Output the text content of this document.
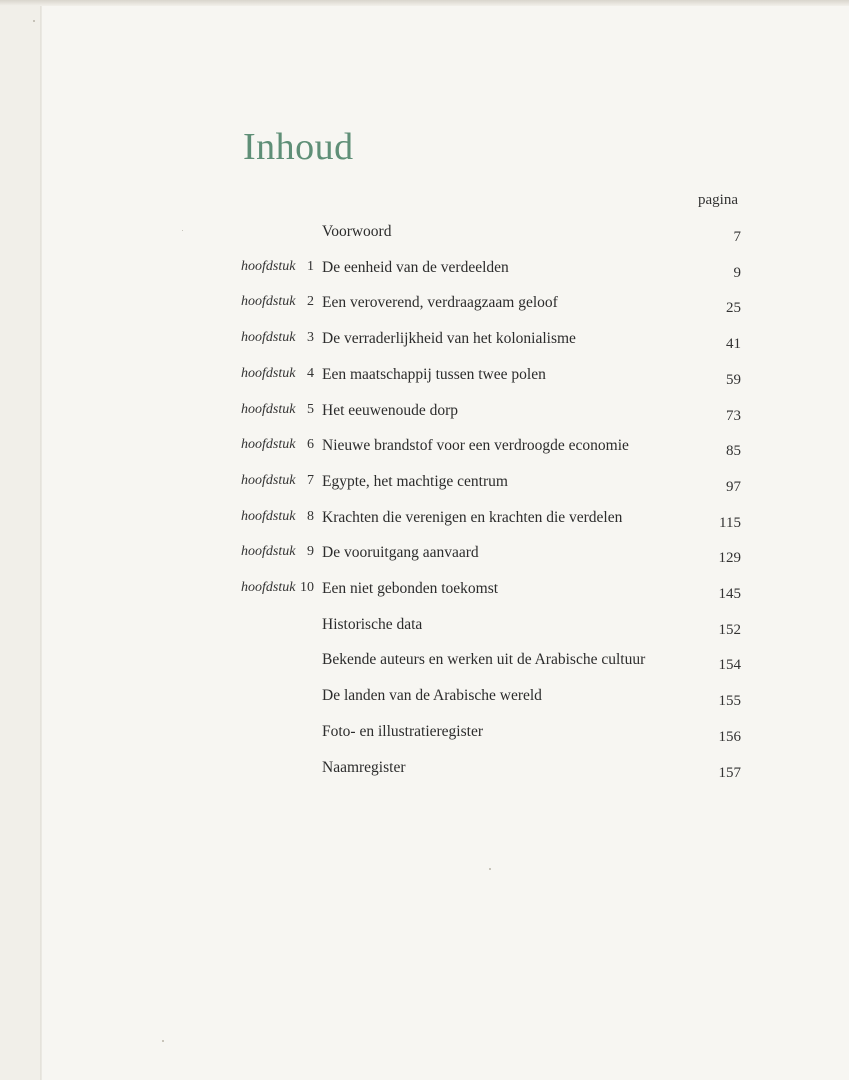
Inhoud
pagina
Voorwoord	7
hoofdstuk 1 De eenheid van de verdeelden	9
hoofdstuk 2 Een veroverend, verdraagzaam geloof	25
hoofdstuk 3 De verraderlijkheid van het kolonialisme	41
hoofdstuk 4 Een maatschappij tussen twee polen	59
hoofdstuk 5 Het eeuwenoude dorp	73
hoofdstuk 6 Nieuwe brandstof voor een verdroogde economie	85
hoofdstuk 7 Egypte, het machtige centrum	97
hoofdstuk 8 Krachten die verenigen en krachten die verdelen	115
hoofdstuk 9 De vooruitgang aanvaard	129
hoofdstuk 10 Een niet gebonden toekomst	145
Historische data	152
Bekende auteurs en werken uit de Arabische cultuur	154
De landen van de Arabische wereld	155
Foto- en illustratieregister	156
Naamregister	157
